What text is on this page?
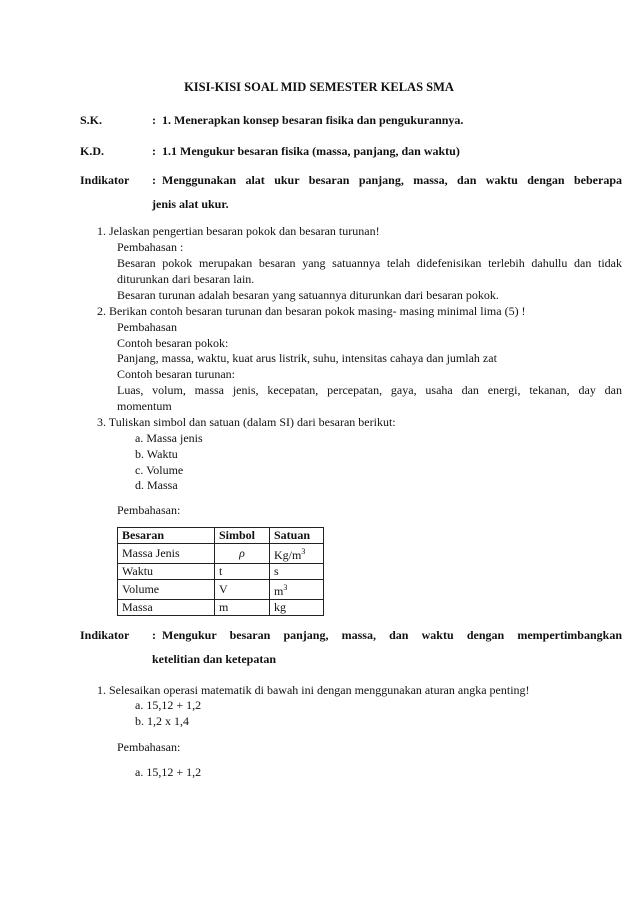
KISI-KISI SOAL MID SEMESTER KELAS SMA
S.K.	: 1. Menerapkan konsep besaran fisika dan pengukurannya.
K.D.	: 1.1 Mengukur besaran fisika (massa, panjang, dan waktu)
Indikator : Menggunakan alat ukur besaran panjang, massa, dan waktu dengan beberapa
jenis alat ukur.
1. Jelaskan pengertian besaran pokok dan besaran turunan!
Pembahasan :
Besaran pokok merupakan besaran yang satuannya telah didefenisikan terlebih dahullu dan tidak
diturunkan dari besaran lain.
Besaran turunan adalah besaran yang satuannya diturunkan dari besaran pokok.
2. Berikan contoh besaran turunan dan besaran pokok masing- masing minimal lima (5) !
Pembahasan
Contoh besaran pokok:
Panjang, massa, waktu, kuat arus listrik, suhu, intensitas cahaya dan jumlah zat
Contoh besaran turunan:
Luas, volum, massa jenis, kecepatan, percepatan, gaya, usaha dan energi, tekanan, day dan
momentum
3. Tuliskan simbol dan satuan (dalam SI) dari besaran berikut:
a. Massa jenis
b. Waktu
c. Volume
d. Massa
Pembahasan:
Besaran	Simbol	Satuan
Massa Jenis	ρ	$Kg/m^3$
Waktu	t	s
Volume	V	$m^3$
Massa	m	kg
Indikator : Mengukur besaran panjang, massa, dan waktu dengan mempertimbangkan
ketelitian dan ketepatan
1. Selesaikan operasi matematik di bawah ini dengan menggunakan aturan angka penting!
a. 15,12 + 1,2
b. 1,2 x 1,4
Pembahasan:
a. 15,12 + 1,2
